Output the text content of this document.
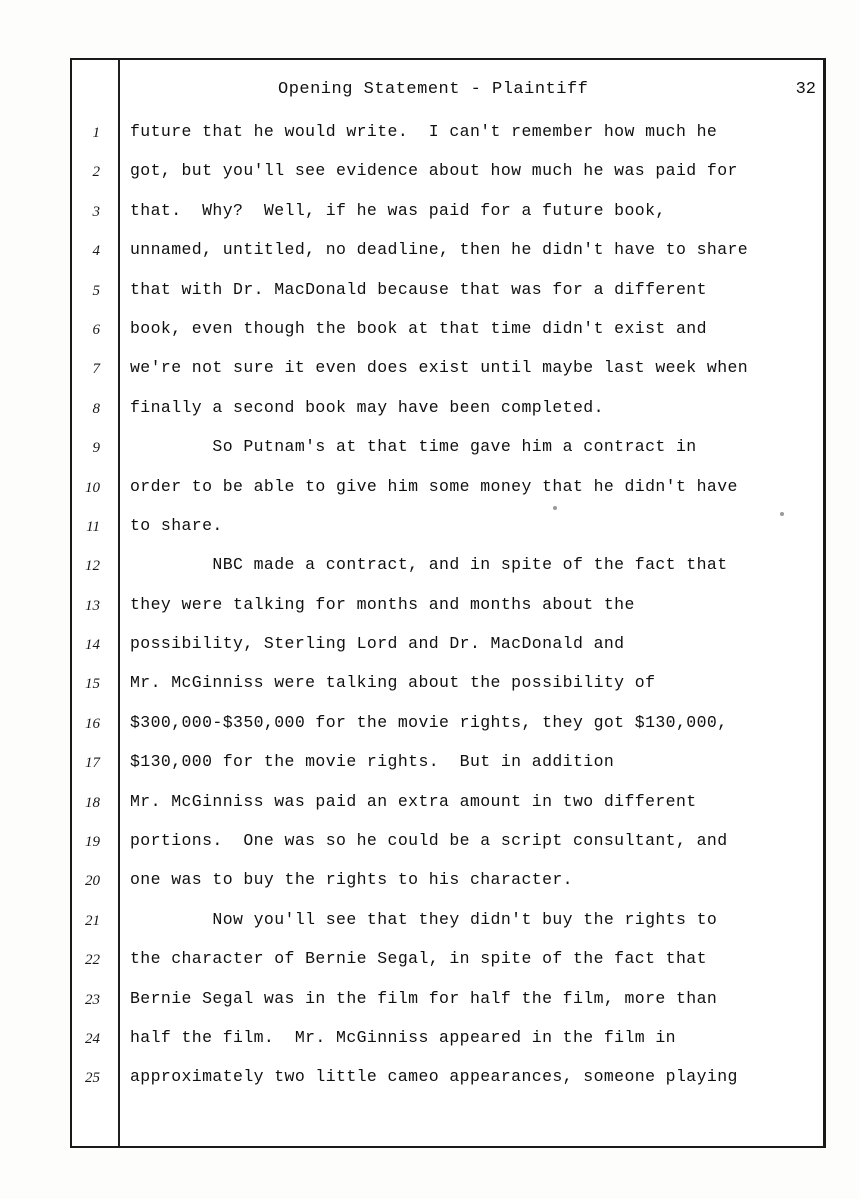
Opening Statement - Plaintiff	32
1 future that he would write.  I can't remember how much he
2 got, but you'll see evidence about how much he was paid for
3 that.  Why?  Well, if he was paid for a future book,
4 unnamed, untitled, no deadline, then he didn't have to share
5 that with Dr. MacDonald because that was for a different
6 book, even though the book at that time didn't exist and
7 we're not sure it even does exist until maybe last week when
8 finally a second book may have been completed.
9 So Putnam's at that time gave him a contract in
10 order to be able to give him some money that he didn't have
11 to share.
12 NBC made a contract, and in spite of the fact that
13 they were talking for months and months about the
14 possibility, Sterling Lord and Dr. MacDonald and
15 Mr. McGinniss were talking about the possibility of
16 $300,000-$350,000 for the movie rights, they got $130,000,
17 $130,000 for the movie rights.  But in addition
18 Mr. McGinniss was paid an extra amount in two different
19 portions.  One was so he could be a script consultant, and
20 one was to buy the rights to his character.
21 Now you'll see that they didn't buy the rights to
22 the character of Bernie Segal, in spite of the fact that
23 Bernie Segal was in the film for half the film, more than
24 half the film.  Mr. McGinniss appeared in the film in
25 approximately two little cameo appearances, someone playing
